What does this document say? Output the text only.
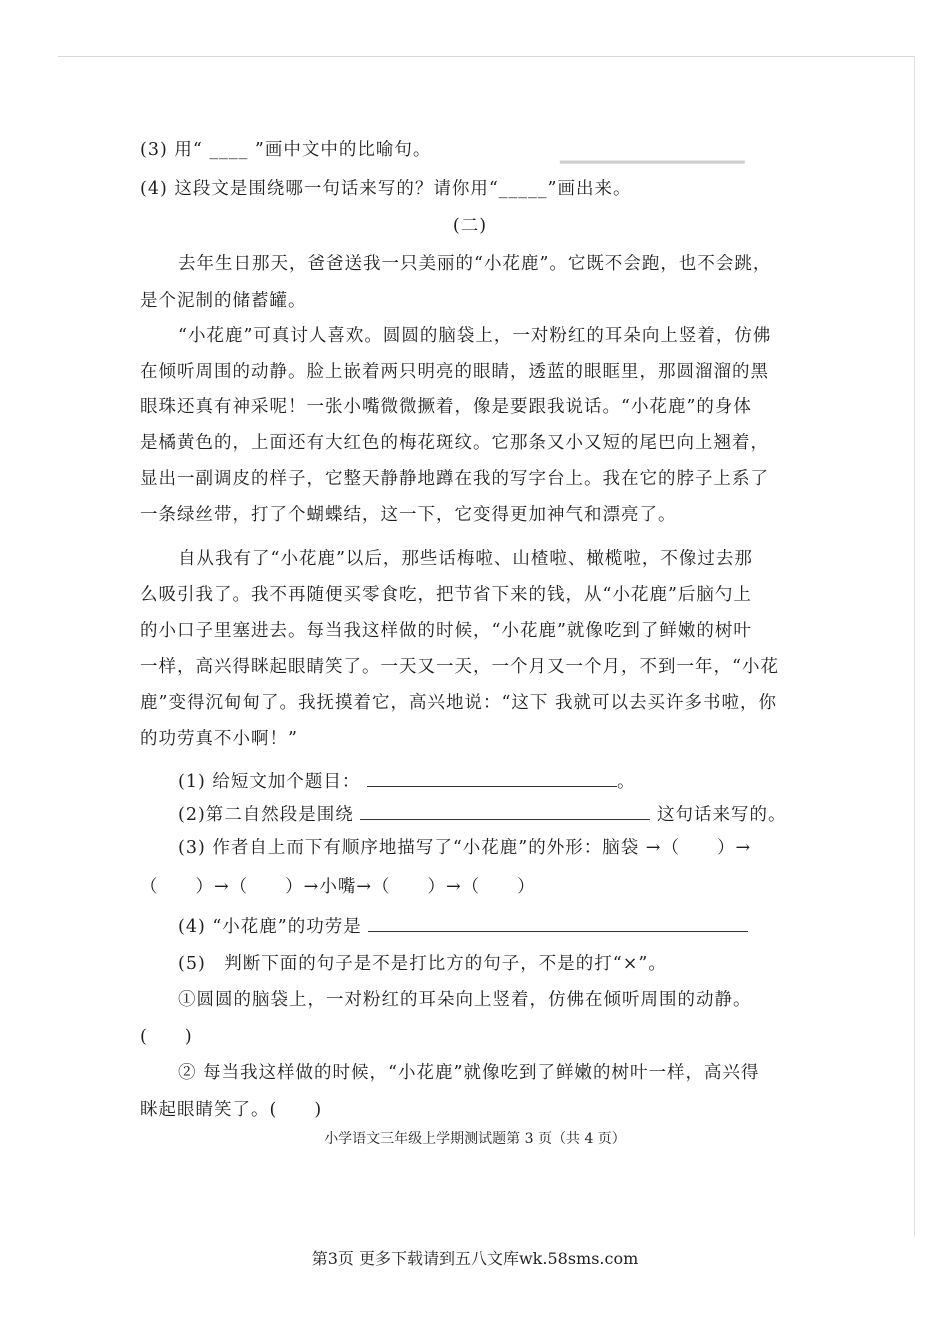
▔▔▔▔▔▔▔▔▔▔▔▔
(3) 用“ ____ ”画中文中的比喻句。
(4) 这段文是围绕哪一句话来写的？请你用“_____”画出来。
(二)
去年生日那天，爸爸送我一只美丽的“小花鹿”。它既不会跑，也不会跳，
是个泥制的储蓄罐。
“小花鹿”可真讨人喜欢。圆圆的脑袋上，一对粉红的耳朵向上竖着，仿佛
在倾听周围的动静。脸上嵌着两只明亮的眼睛，透蓝的眼眶里，那圆溜溜的黑
眼珠还真有神采呢！一张小嘴微微撅着，像是要跟我说话。“小花鹿”的身体
是橘黄色的，上面还有大红色的梅花斑纹。它那条又小又短的尾巴向上翘着，
显出一副调皮的样子，它整天静静地蹲在我的写字台上。我在它的脖子上系了
一条绿丝带，打了个蝴蝶结，这一下，它变得更加神气和漂亮了。
自从我有了“小花鹿”以后，那些话梅啦、山楂啦、橄榄啦，不像过去那
么吸引我了。我不再随便买零食吃，把节省下来的钱，从“小花鹿”后脑勺上
的小口子里塞进去。每当我这样做的时候，“小花鹿”就像吃到了鲜嫩的树叶
一样，高兴得眯起眼睛笑了。一天又一天，一个月又一个月，不到一年，“小花
鹿”变得沉甸甸了。我抚摸着它，高兴地说：“这下 我就可以去买许多书啦，你
的功劳真不小啊！”
(1) 给短文加个题目：	。
(2)第二自然段是围绕	这句话来写的。
(3) 作者自上而下有顺序地描写了“小花鹿”的外形：脑袋 →（　　）→
（　　）→（　　）→小嘴→（　　）→（　　）
(4) “小花鹿”的功劳是
(5)　判断下面的句子是不是打比方的句子，不是的打“×”。
①圆圆的脑袋上，一对粉红的耳朵向上竖着，仿佛在倾听周围的动静。
(　　)
② 每当我这样做的时候，“小花鹿”就像吃到了鲜嫩的树叶一样，高兴得
眯起眼睛笑了。(　　)
小学语文三年级上学期测试题第 3 页（共 4 页）
第3页 更多下载请到五八文库wk.58sms.com
